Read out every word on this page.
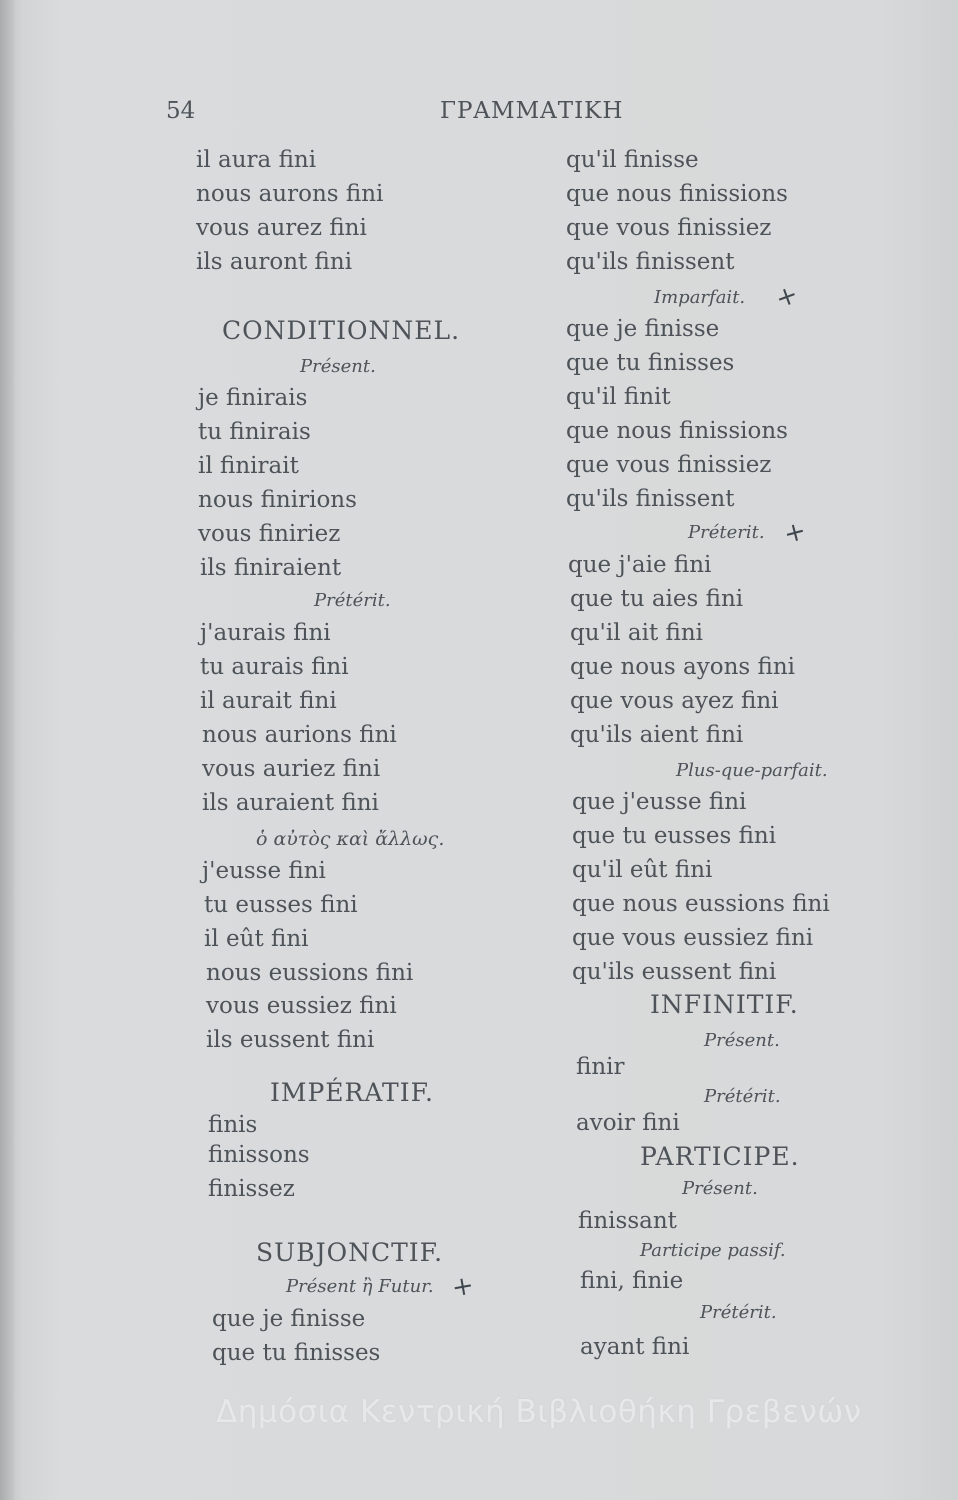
54	ΓΡΑΜΜΑΤΙΚΗ
il aura fini
nous aurons fini
vous aurez fini
ils auront fini
CONDITIONNEL.
Présent.
je finirais
tu finirais
il finirait
nous finirions
vous finiriez
ils finiraient
Prétérit.
j'aurais fini
tu aurais fini
il aurait fini
nous aurions fini
vous auriez fini
ils auraient fini
ὁ αὐτὸς καὶ ἄλλως.
j'eusse fini
tu eusses fini
il eût fini
nous eussions fini
vous eussiez fini
ils eussent fini
IMPÉRATIF.
finis
finissons
finissez
SUBJONCTIF.
Présent ἢ Futur.
que je finisse
que tu finisses
qu'il finisse
que nous finissions
que vous finissiez
qu'ils finissent
Imparfait.
que je finisse
que tu finisses
qu'il finit
que nous finissions
que vous finissiez
qu'ils finissent
Préterit.
que j'aie fini
que tu aies fini
qu'il ait fini
que nous ayons fini
que vous ayez fini
qu'ils aient fini
Plus-que-parfait.
que j'eusse fini
que tu eusses fini
qu'il eût fini
que nous eussions fini
que vous eussiez fini
qu'ils eussent fini
INFINITIF.
Présent.
finir
Prétérit.
avoir fini
PARTICIPE.
Présent.
finissant
Participe passif.
fini, finie
Prétérit.
ayant fini
+
+
+
Δημόσια Κεντρική Βιβλιοθήκη Γρεβενών
